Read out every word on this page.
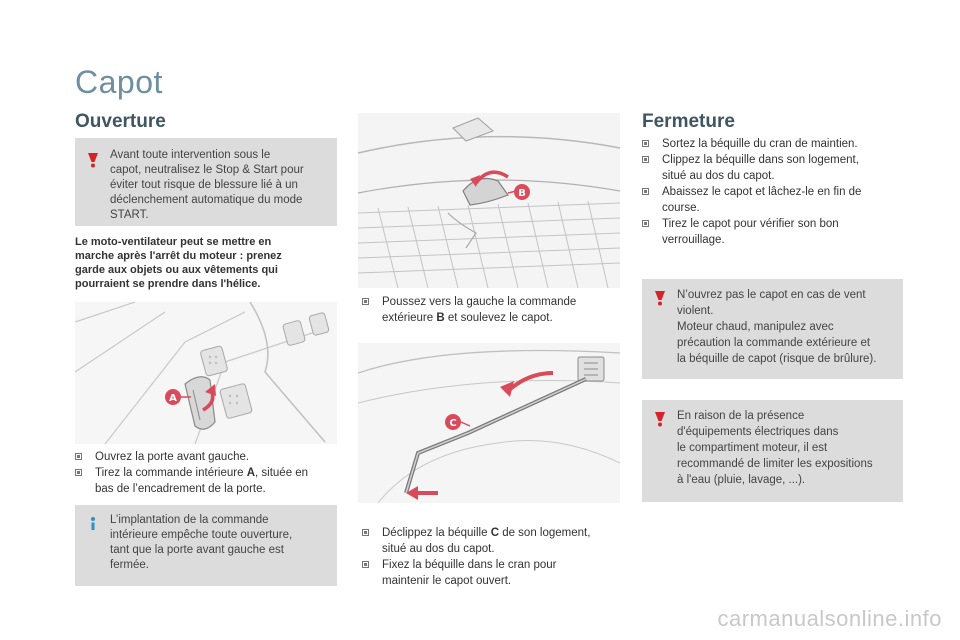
Capot
Ouverture

Avant toute intervention sous le

capot, neutralisez le Stop & Start pour

éviter tout risque de blessure lié à un

déclenchement automatique du mode

START.

Le moto-ventilateur peut se mettre en
marche après l'arrêt du moteur : prenez
garde aux objets ou aux vêtements qui
pourraient se prendre dans l'hélice.
A
Ouvrez la porte avant gauche.
Tirez la commande intérieure A, située en
bas de l’encadrement de la porte.

L’implantation de la commande

intérieure empêche toute ouverture,

tant que la porte avant gauche est

fermée.

B
Poussez vers la gauche la commande
extérieure B et soulevez le capot.
C
Déclippez la béquille C de son logement,
situé au dos du capot.
Fixez la béquille dans le cran pour
maintenir le capot ouvert.
Fermeture
Sortez la béquille du cran de maintien.
Clippez la béquille dans son logement,
situé au dos du capot.
Abaissez le capot et lâchez-le en fin de
course.
Tirez le capot pour vérifier son bon
verrouillage.

N’ouvrez pas le capot en cas de vent

violent.

Moteur chaud, manipulez avec

précaution la commande extérieure et

la béquille de capot (risque de brûlure).

En raison de la présence

d'équipements électriques dans

le compartiment moteur, il est

recommandé de limiter les expositions

à l'eau (pluie, lavage, ...).

carmanualsonline.info
